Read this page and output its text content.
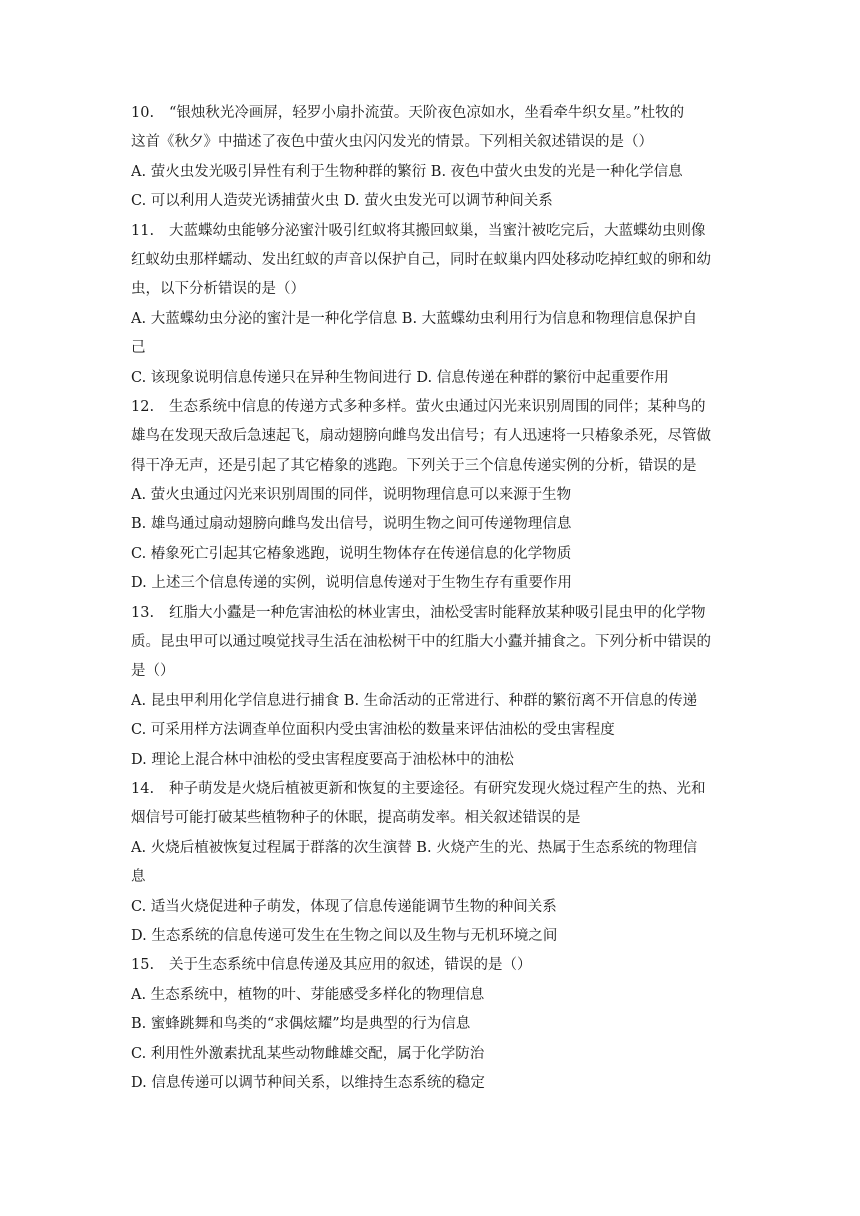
10. “银烛秋光冷画屏，轻罗小扇扑流萤。天阶夜色凉如水，坐看牵牛织女星。”杜牧的
这首《秋夕》中描述了夜色中萤火虫闪闪发光的情景。下列相关叙述错误的是（）
A. 萤火虫发光吸引异性有利于生物种群的繁衍 B. 夜色中萤火虫发的光是一种化学信息
C. 可以利用人造荧光诱捕萤火虫 D. 萤火虫发光可以调节种间关系
11. 大蓝蝶幼虫能够分泌蜜汁吸引红蚁将其搬回蚁巢，当蜜汁被吃完后，大蓝蝶幼虫则像
红蚁幼虫那样蠕动、发出红蚁的声音以保护自己，同时在蚁巢内四处移动吃掉红蚁的卵和幼
虫，以下分析错误的是（）
A. 大蓝蝶幼虫分泌的蜜汁是一种化学信息 B. 大蓝蝶幼虫利用行为信息和物理信息保护自
己
C. 该现象说明信息传递只在异种生物间进行 D. 信息传递在种群的繁衍中起重要作用
12. 生态系统中信息的传递方式多种多样。萤火虫通过闪光来识别周围的同伴；某种鸟的
雄鸟在发现天敌后急速起飞，扇动翅膀向雌鸟发出信号；有人迅速将一只椿象杀死，尽管做
得干净无声，还是引起了其它椿象的逃跑。下列关于三个信息传递实例的分析，错误的是
A. 萤火虫通过闪光来识别周围的同伴，说明物理信息可以来源于生物
B. 雄鸟通过扇动翅膀向雌鸟发出信号，说明生物之间可传递物理信息
C. 椿象死亡引起其它椿象逃跑，说明生物体存在传递信息的化学物质
D. 上述三个信息传递的实例，说明信息传递对于生物生存有重要作用
13. 红脂大小蠹是一种危害油松的林业害虫，油松受害时能释放某种吸引昆虫甲的化学物
质。昆虫甲可以通过嗅觉找寻生活在油松树干中的红脂大小蠹并捕食之。下列分析中错误的
是（）
A. 昆虫甲利用化学信息进行捕食 B. 生命活动的正常进行、种群的繁衍离不开信息的传递
C. 可采用样方法调查单位面积内受虫害油松的数量来评估油松的受虫害程度
D. 理论上混合林中油松的受虫害程度要高于油松林中的油松
14. 种子萌发是火烧后植被更新和恢复的主要途径。有研究发现火烧过程产生的热、光和
烟信号可能打破某些植物种子的休眠，提高萌发率。相关叙述错误的是
A. 火烧后植被恢复过程属于群落的次生演替 B. 火烧产生的光、热属于生态系统的物理信
息
C. 适当火烧促进种子萌发，体现了信息传递能调节生物的种间关系
D. 生态系统的信息传递可发生在生物之间以及生物与无机环境之间
15. 关于生态系统中信息传递及其应用的叙述，错误的是（）
A. 生态系统中，植物的叶、芽能感受多样化的物理信息
B. 蜜蜂跳舞和鸟类的“求偶炫耀”均是典型的行为信息
C. 利用性外激素扰乱某些动物雌雄交配，属于化学防治
D. 信息传递可以调节种间关系，以维持生态系统的稳定
